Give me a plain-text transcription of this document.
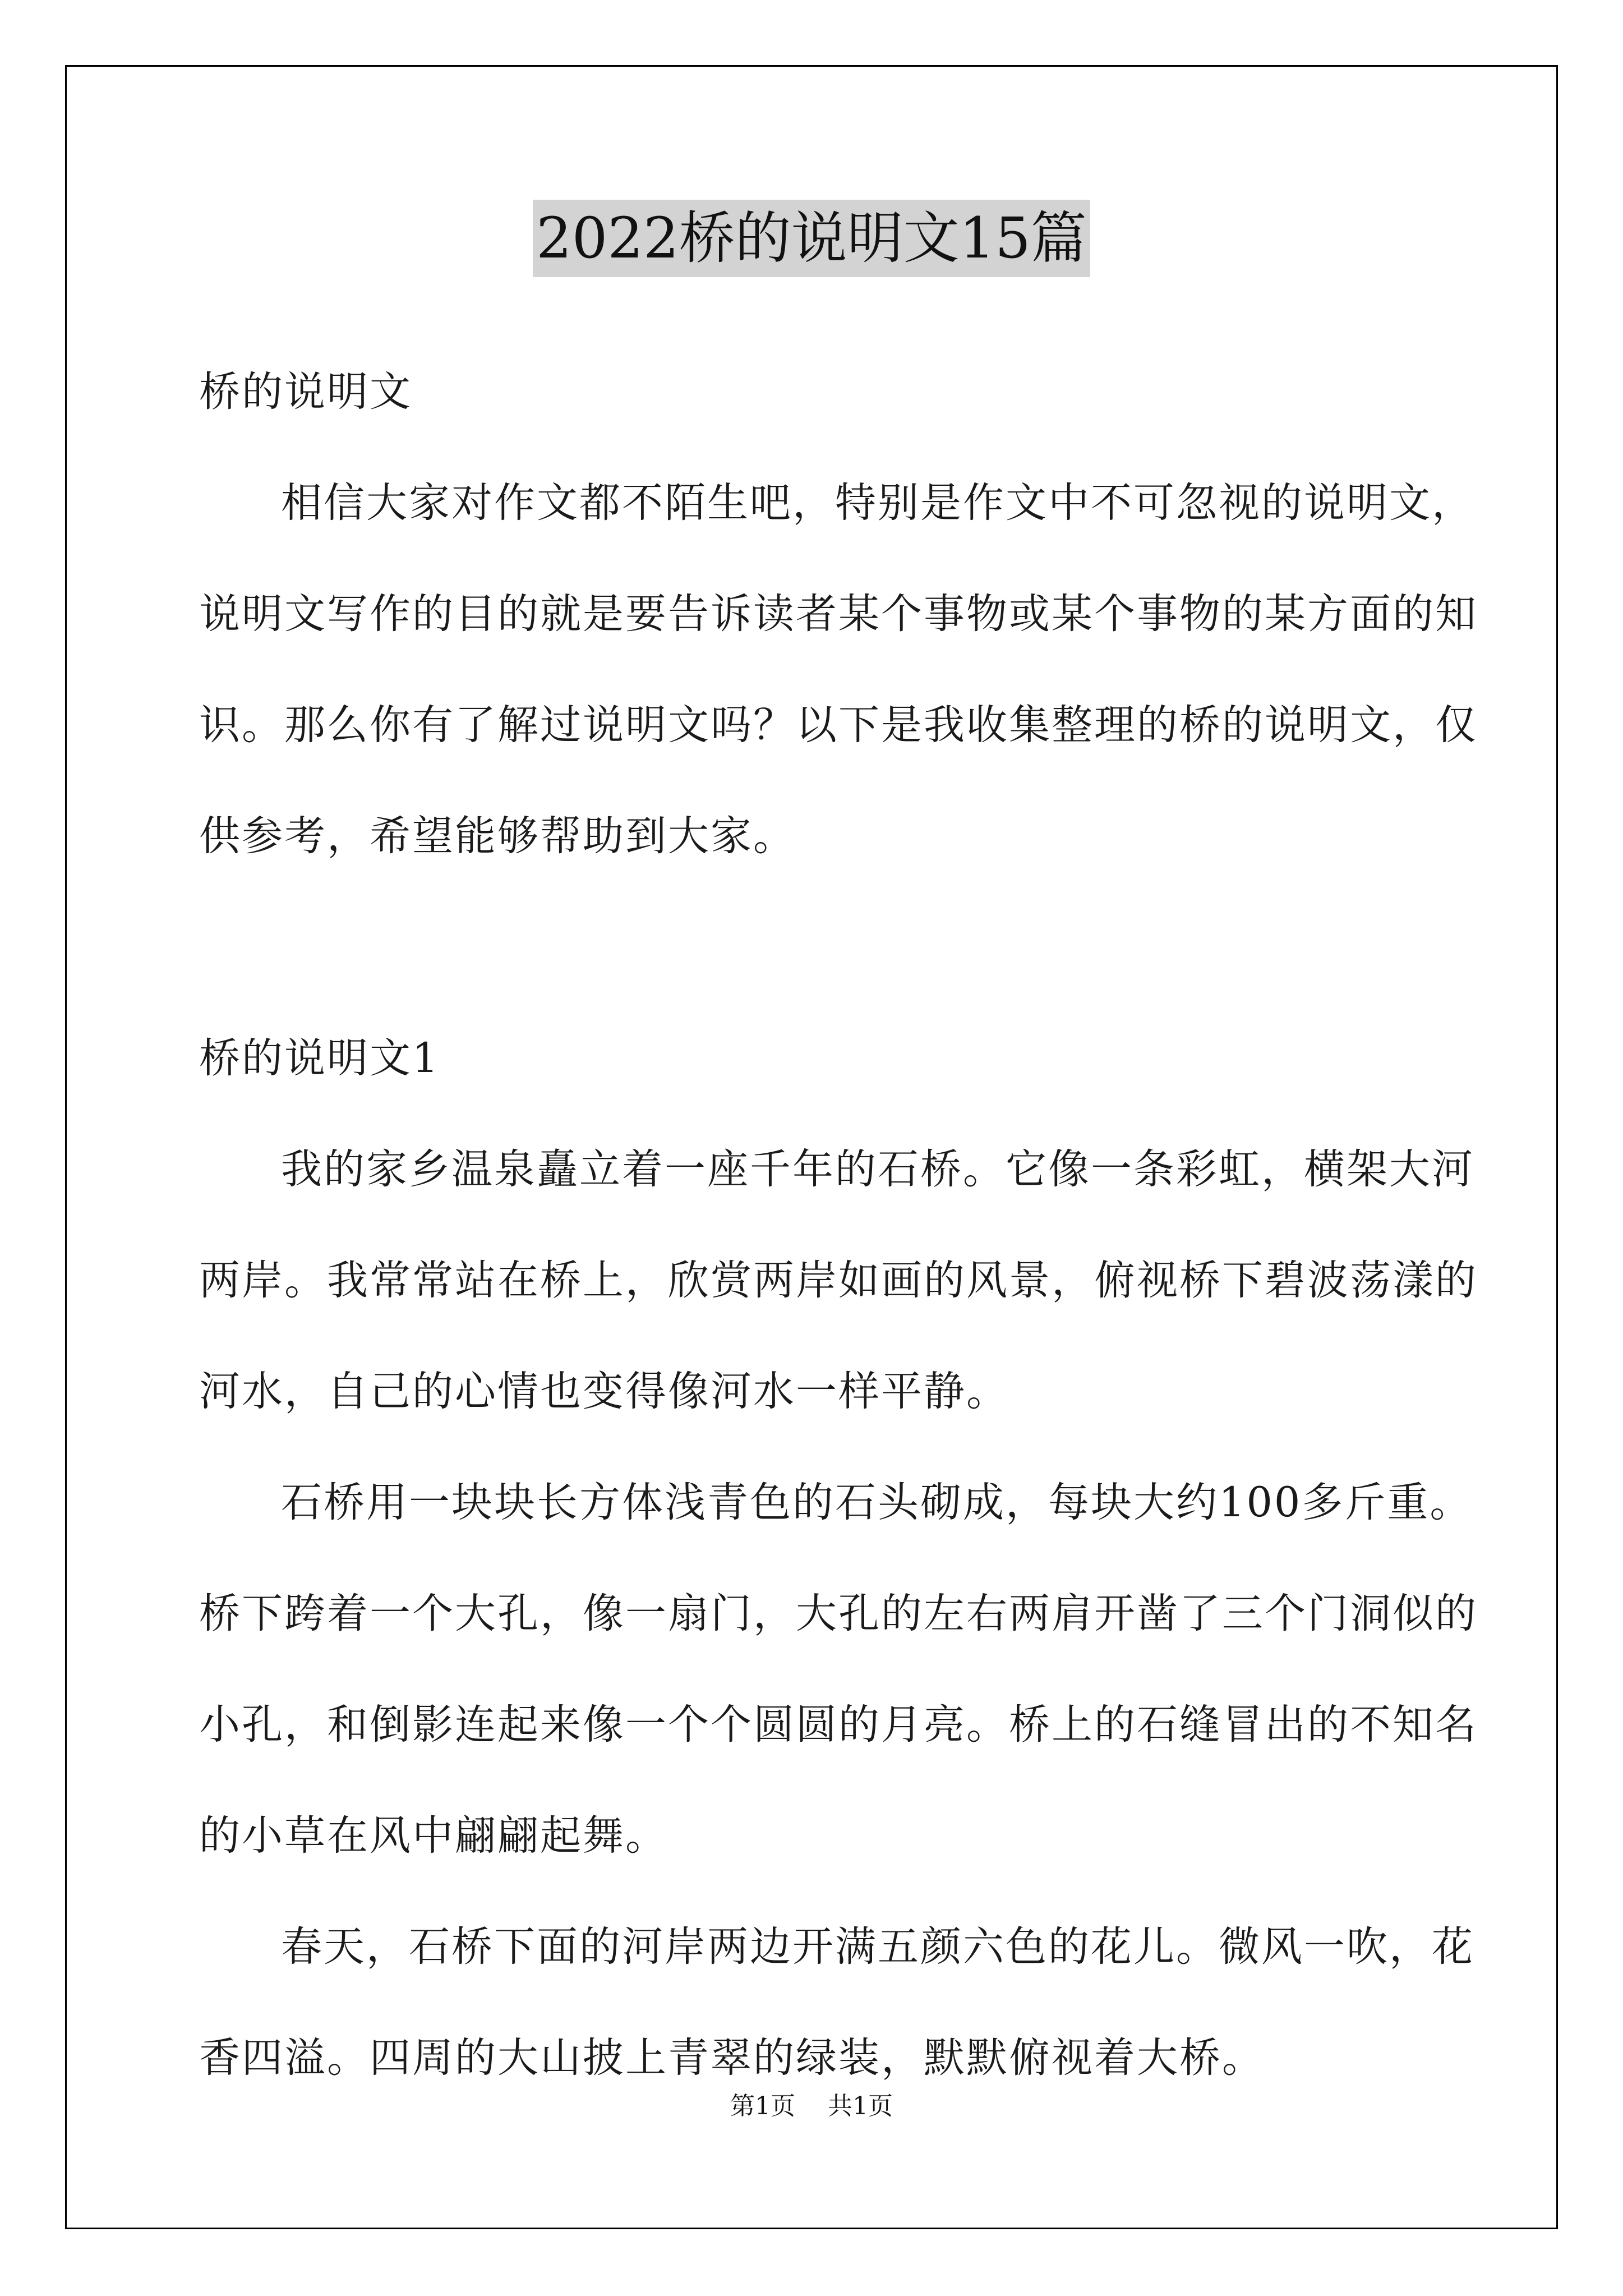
2022桥的说明文15篇
桥的说明文
相信大家对作文都不陌生吧，特别是作文中不可忽视的说明文，
说明文写作的目的就是要告诉读者某个事物或某个事物的某方面的知
识。那么你有了解过说明文吗？以下是我收集整理的桥的说明文，仅
供参考，希望能够帮助到大家。
桥的说明文1
我的家乡温泉矗立着一座千年的石桥。它像一条彩虹，横架大河
两岸。我常常站在桥上，欣赏两岸如画的风景，俯视桥下碧波荡漾的
河水，自己的心情也变得像河水一样平静。
石桥用一块块长方体浅青色的石头砌成，每块大约100多斤重。
桥下跨着一个大孔，像一扇门，大孔的左右两肩开凿了三个门洞似的
小孔，和倒影连起来像一个个圆圆的月亮。桥上的石缝冒出的不知名
的小草在风中翩翩起舞。
春天，石桥下面的河岸两边开满五颜六色的花儿。微风一吹，花
香四溢。四周的大山披上青翠的绿装，默默俯视着大桥。
第1页 共1页
